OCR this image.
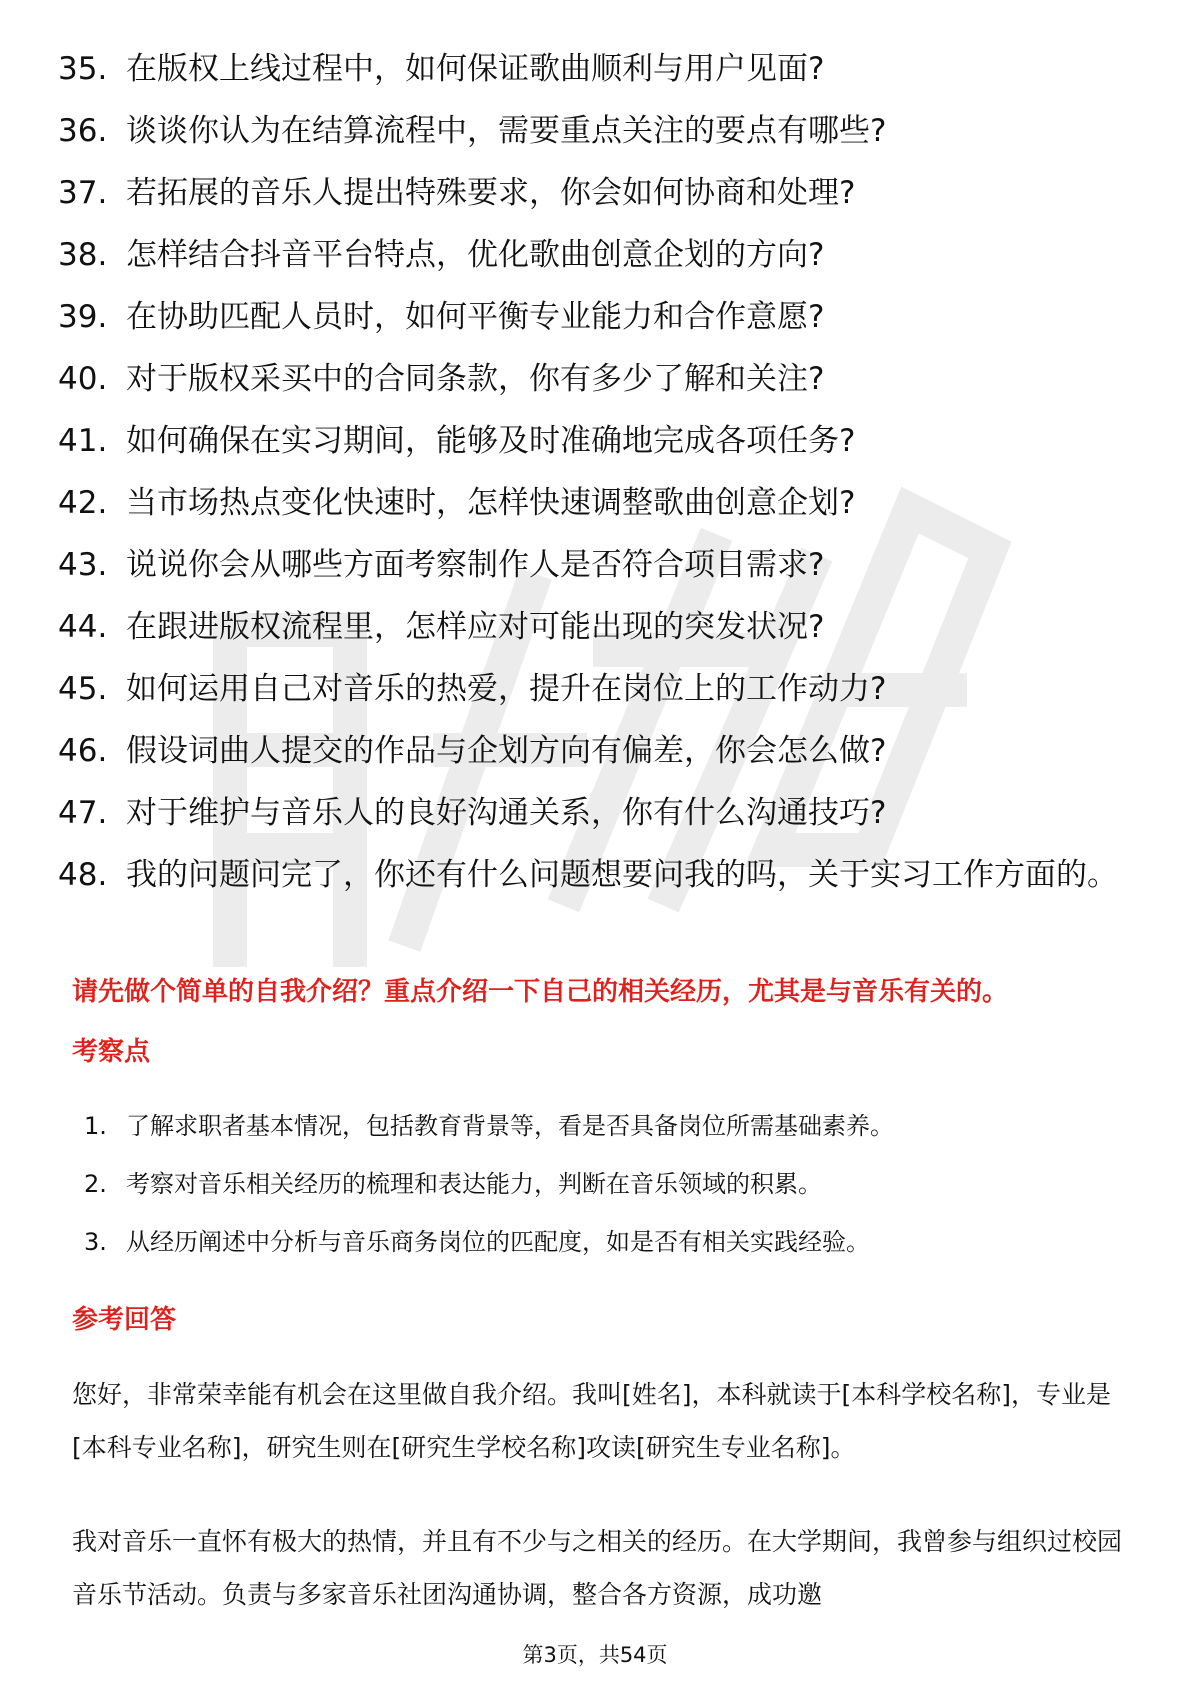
35. 在版权上线过程中，如何保证歌曲顺利与用户见面?
36. 谈谈你认为在结算流程中，需要重点关注的要点有哪些?
37. 若拓展的音乐人提出特殊要求，你会如何协商和处理?
38. 怎样结合抖音平台特点，优化歌曲创意企划的方向?
39. 在协助匹配人员时，如何平衡专业能力和合作意愿?
40. 对于版权采买中的合同条款，你有多少了解和关注?
41. 如何确保在实习期间，能够及时准确地完成各项任务?
42. 当市场热点变化快速时，怎样快速调整歌曲创意企划?
43. 说说你会从哪些方面考察制作人是否符合项目需求?
44. 在跟进版权流程里，怎样应对可能出现的突发状况?
45. 如何运用自己对音乐的热爱，提升在岗位上的工作动力?
46. 假设词曲人提交的作品与企划方向有偏差，你会怎么做?
47. 对于维护与音乐人的良好沟通关系，你有什么沟通技巧?
48. 我的问题问完了，你还有什么问题想要问我的吗，关于实习工作方面的。

请先做个简单的自我介绍？重点介绍一下自己的相关经历，尤其是与音乐有关的。

考察点

1. 了解求职者基本情况，包括教育背景等，看是否具备岗位所需基础素养。
2. 考察对音乐相关经历的梳理和表达能力，判断在音乐领域的积累。
3. 从经历阐述中分析与音乐商务岗位的匹配度，如是否有相关实践经验。

参考回答

您好，非常荣幸能有机会在这里做自我介绍。我叫[姓名]，本科就读于[本科学校名称]，专业是[本科专业名称]，研究生则在[研究生学校名称]攻读[研究生专业名称]。

我对音乐一直怀有极大的热情，并且有不少与之相关的经历。在大学期间，我曾参与组织过校园音乐节活动。负责与多家音乐社团沟通协调，整合各方资源，成功邀

第3页，共54页
